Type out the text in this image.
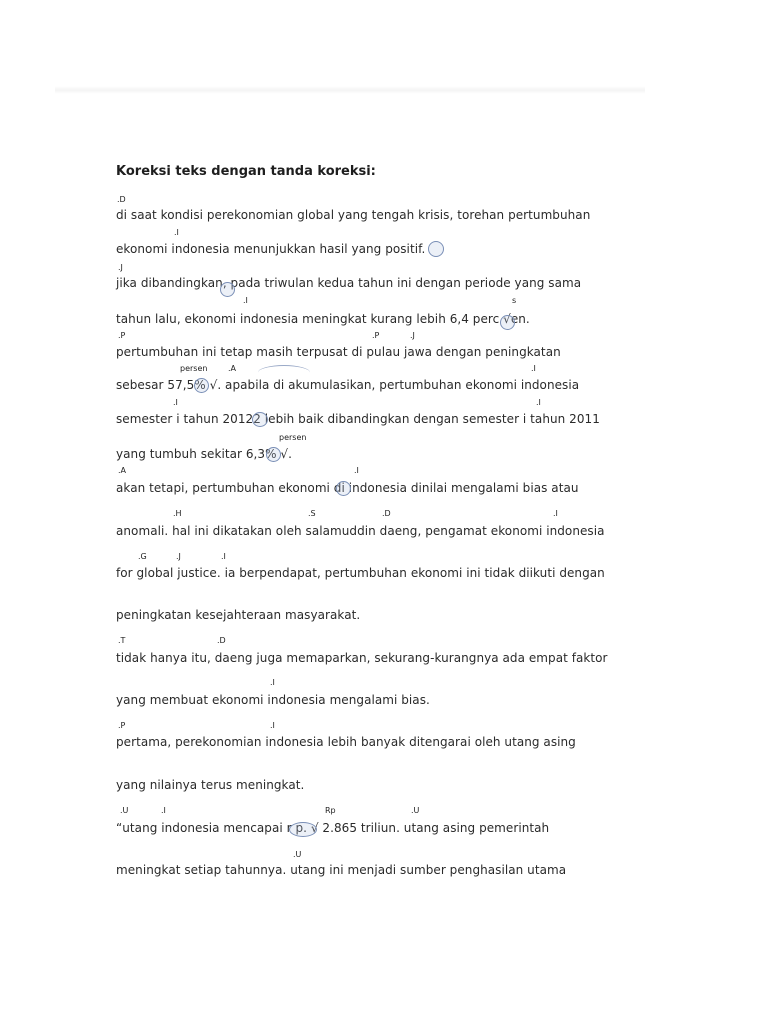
Koreksi teks dengan tanda koreksi:
.D
.I
.J
.I	s
.P	.P	.J
persen	.A	.I
.I	.I
persen
.A	.I
.H	.S	.D	.I
.G	.J	.I
.T	.D
.I
.P	.I
.U	.I	Rp	.U
.U
di saat kondisi perekonomian global yang tengah krisis, torehan pertumbuhan
ekonomi indonesia menunjukkan hasil yang positif.
jika dibandingkan, pada triwulan kedua tahun ini dengan periode yang sama
tahun lalu, ekonomi indonesia meningkat kurang lebih 6,4 perc √en.
pertumbuhan ini tetap masih terpusat di pulau jawa dengan peningkatan
sebesar 57,5% √. apabila di akumulasikan, pertumbuhan ekonomi indonesia
semester i tahun 20122 lebih baik dibandingkan dengan semester i tahun 2011
yang tumbuh sekitar 6,3% √.
akan tetapi, pertumbuhan ekonomi di indonesia dinilai mengalami bias atau
anomali. hal ini dikatakan oleh salamuddin daeng, pengamat ekonomi indonesia
for global justice. ia berpendapat, pertumbuhan ekonomi ini tidak diikuti dengan
peningkatan kesejahteraan masyarakat.
tidak hanya itu, daeng juga memaparkan, sekurang-kurangnya ada empat faktor
yang membuat ekonomi indonesia mengalami bias.
pertama, perekonomian indonesia lebih banyak ditengarai oleh utang asing
yang nilainya terus meningkat.
“utang indonesia mencapai r p. √ 2.865 triliun. utang asing pemerintah
meningkat setiap tahunnya. utang ini menjadi sumber penghasilan utama
